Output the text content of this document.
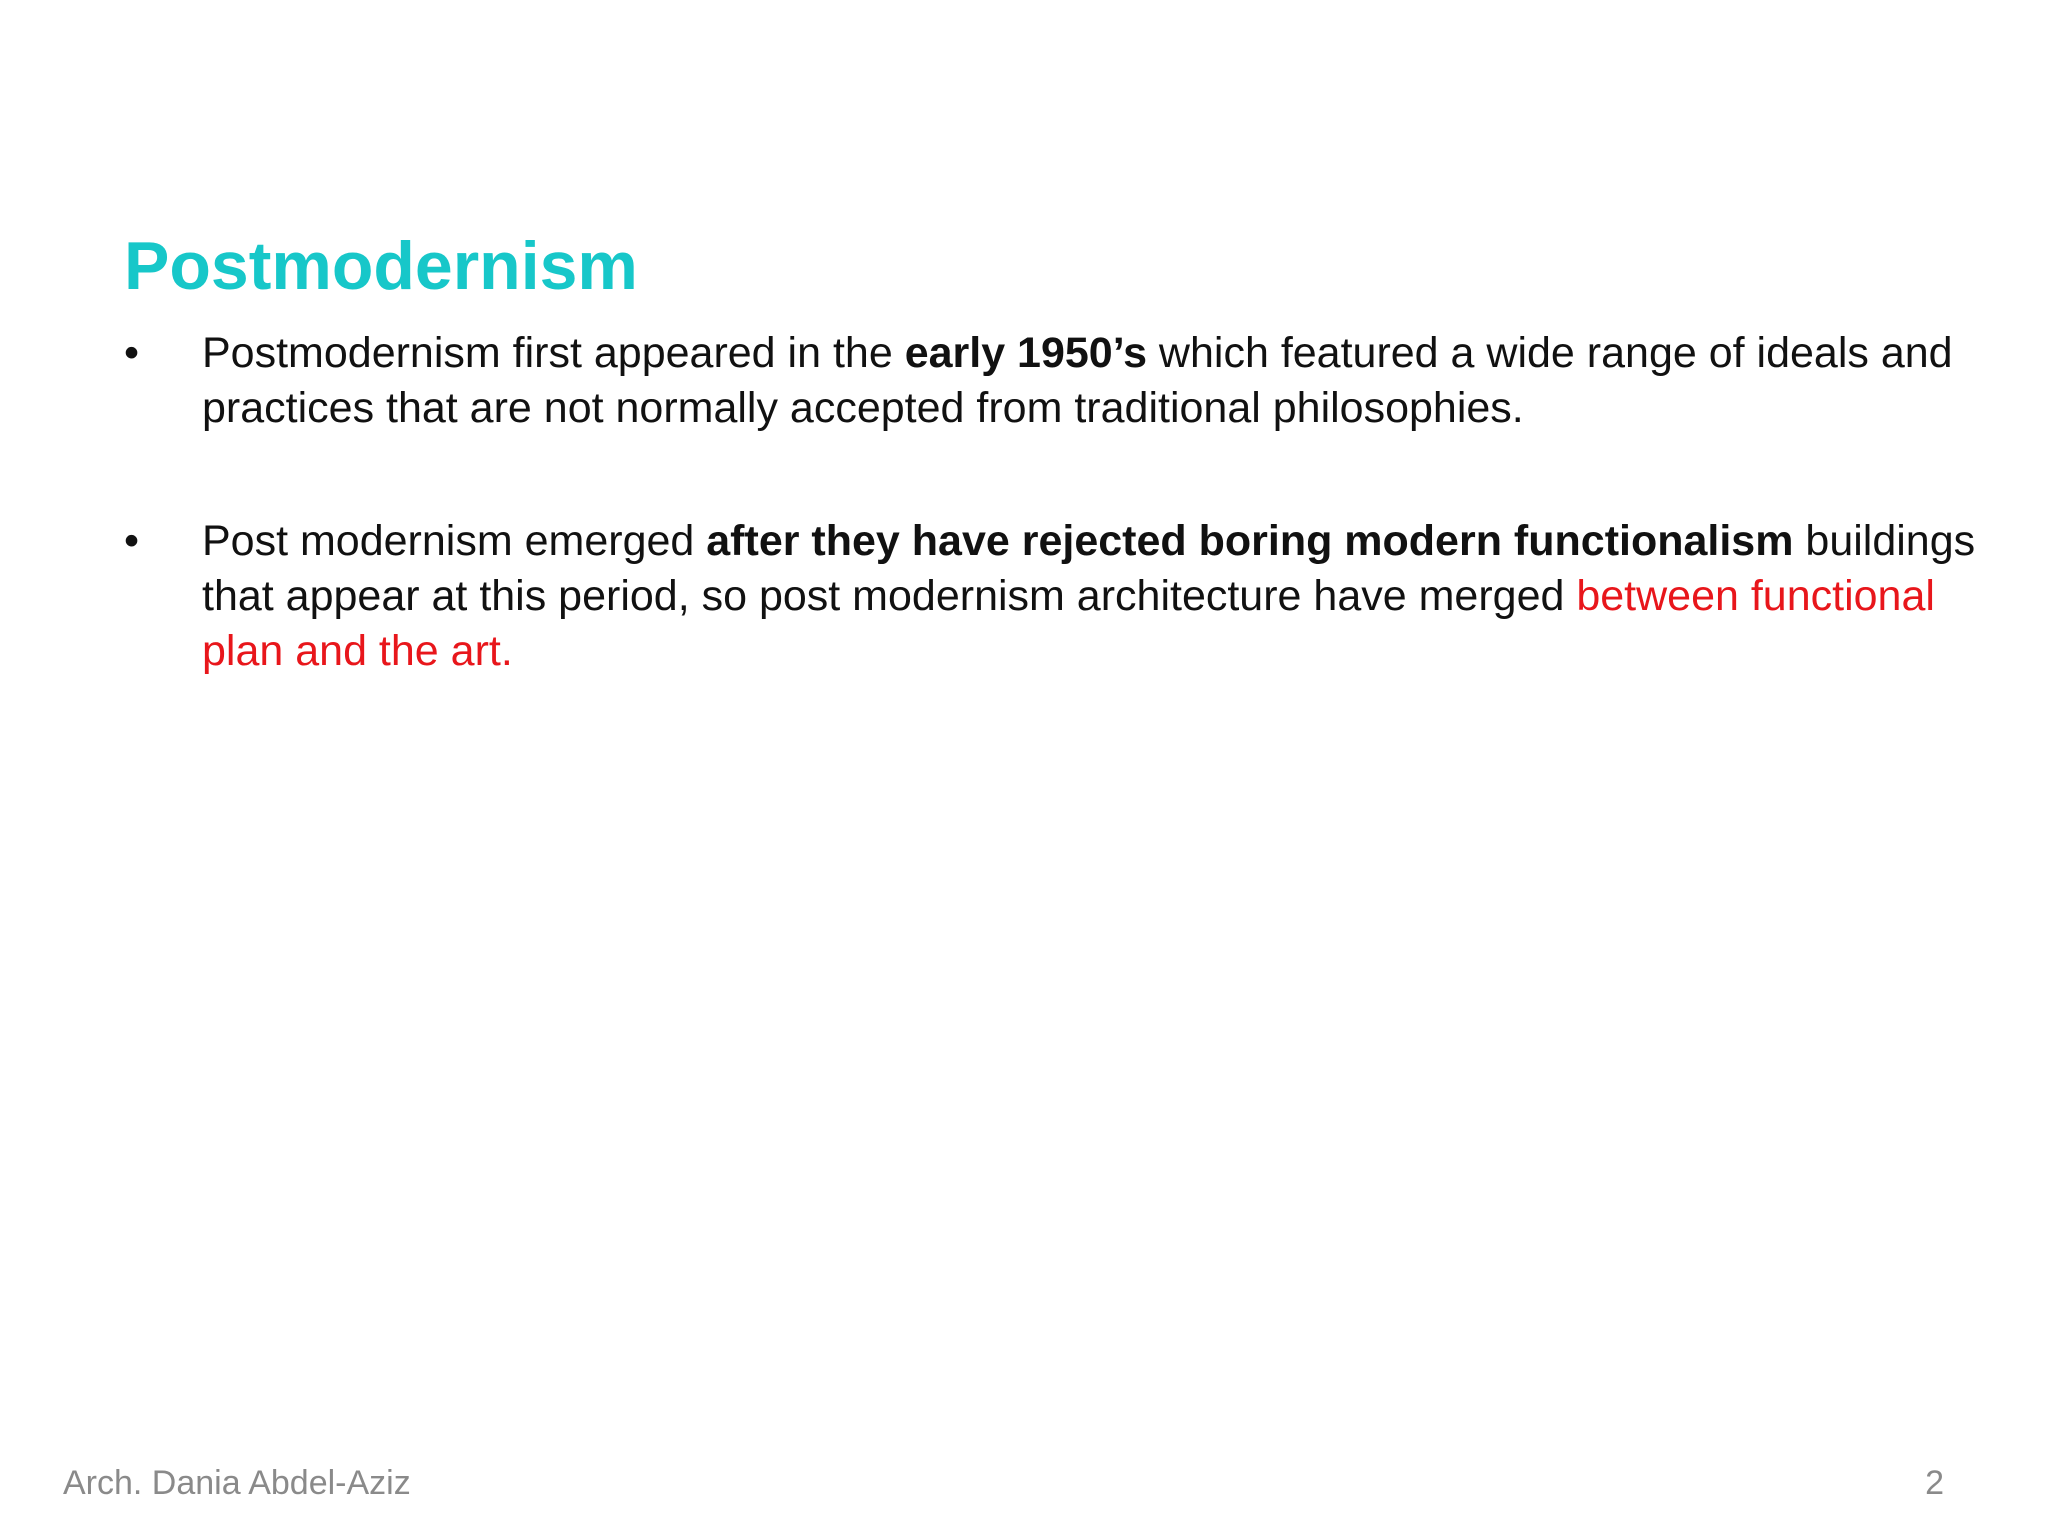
Postmodernism
•	Postmodernism first appeared in the early 1950’s which featured a wide range of ideals and practices that are not normally accepted from traditional philosophies.
•	Post modernism emerged after they have rejected boring modern functionalism buildings that appear at this period, so post modernism architecture have merged between functional plan and the art.
Arch. Dania Abdel-Aziz	2
